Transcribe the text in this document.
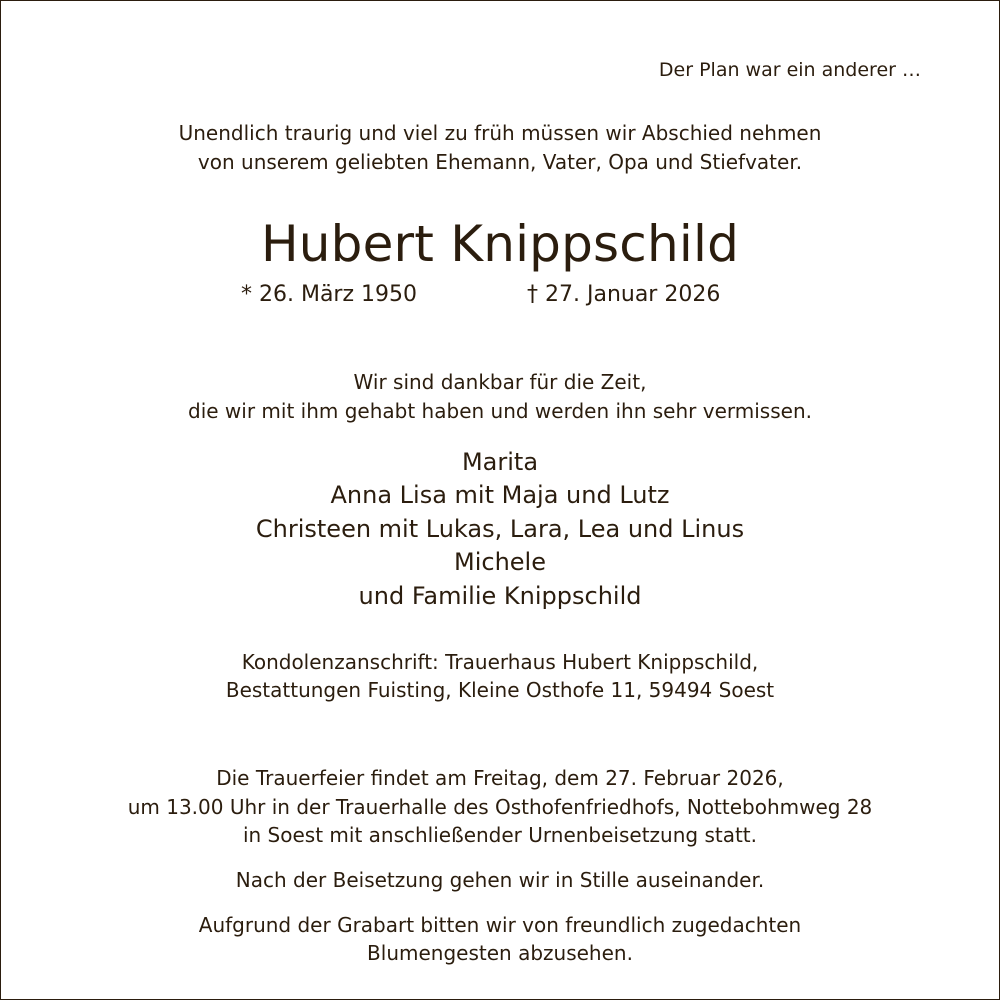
Der Plan war ein anderer …
Unendlich traurig und viel zu früh müssen wir Abschied nehmen
von unserem geliebten Ehemann, Vater, Opa und Stiefvater.
Hubert Knippschild
* 26. März 1950	† 27. Januar 2026
Wir sind dankbar für die Zeit,
die wir mit ihm gehabt haben und werden ihn sehr vermissen.
Marita
Anna Lisa mit Maja und Lutz
Christeen mit Lukas, Lara, Lea und Linus
Michele
und Familie Knippschild
Kondolenzanschrift: Trauerhaus Hubert Knippschild,
Bestattungen Fuisting, Kleine Osthofe 11, 59494 Soest
Die Trauerfeier findet am Freitag, dem 27. Februar 2026,
um 13.00 Uhr in der Trauerhalle des Osthofenfriedhofs, Nottebohmweg 28
in Soest mit anschließender Urnenbeisetzung statt.
Nach der Beisetzung gehen wir in Stille auseinander.
Aufgrund der Grabart bitten wir von freundlich zugedachten
Blumengesten abzusehen.
